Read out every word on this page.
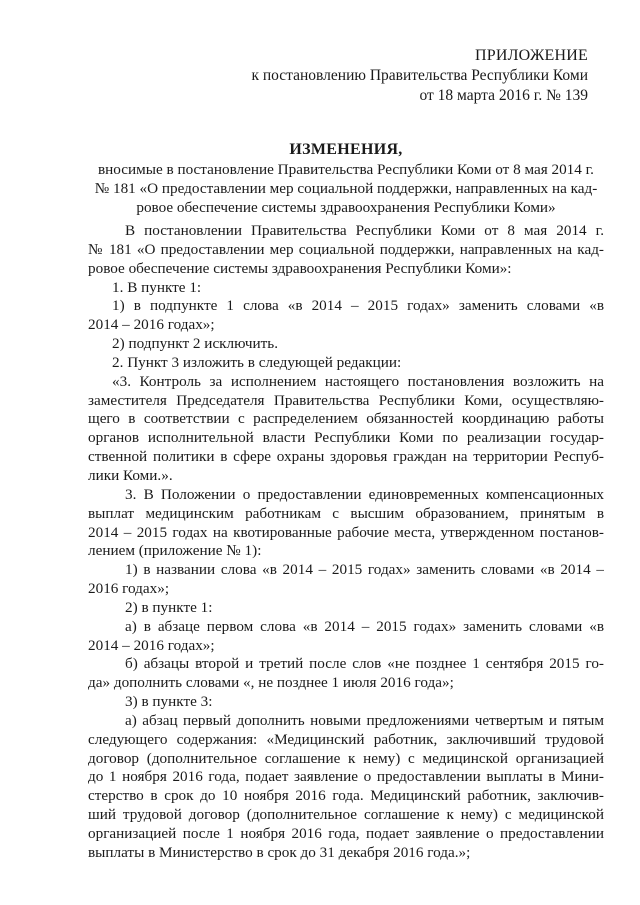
ПРИЛОЖЕНИЕ
к постановлению Правительства Республики Коми
от 18 марта 2016 г. № 139
ИЗМЕНЕНИЯ,
вносимые в постановление Правительства Республики Коми от 8 мая 2014 г.
№ 181 «О предоставлении мер социальной поддержки, направленных на кад-
ровое обеспечение системы здравоохранения Республики Коми»
В постановлении Правительства Республики Коми от 8 мая 2014 г.
№ 181 «О предоставлении мер социальной поддержки, направленных на кад-
ровое обеспечение системы здравоохранения Республики Коми»:
1. В пункте 1:
1) в подпункте 1 слова «в 2014 – 2015 годах» заменить словами «в
2014 – 2016 годах»;
2) подпункт 2 исключить.
2. Пункт 3 изложить в следующей редакции:
«3. Контроль за исполнением настоящего постановления возложить на
заместителя Председателя Правительства Республики Коми, осуществляю-
щего в соответствии с распределением обязанностей координацию работы
органов исполнительной власти Республики Коми по реализации государ-
ственной политики в сфере охраны здоровья граждан на территории Респуб-
лики Коми.».
3. В Положении о предоставлении единовременных компенсационных
выплат медицинским работникам с высшим образованием, принятым в
2014 – 2015 годах на квотированные рабочие места, утвержденном постанов-
лением (приложение № 1):
1) в названии слова «в 2014 – 2015 годах» заменить словами «в 2014 –
2016 годах»;
2) в пункте 1:
а) в абзаце первом слова «в 2014 – 2015 годах» заменить словами «в
2014 – 2016 годах»;
б) абзацы второй и третий после слов «не позднее 1 сентября 2015 го-
да» дополнить словами «, не позднее 1 июля 2016 года»;
3) в пункте 3:
а) абзац первый дополнить новыми предложениями четвертым и пятым
следующего содержания: «Медицинский работник, заключивший трудовой
договор (дополнительное соглашение к нему) с медицинской организацией
до 1 ноября 2016 года, подает заявление о предоставлении выплаты в Мини-
стерство в срок до 10 ноября 2016 года. Медицинский работник, заключив-
ший трудовой договор (дополнительное соглашение к нему) с медицинской
организацией после 1 ноября 2016 года, подает заявление о предоставлении
выплаты в Министерство в срок до 31 декабря 2016 года.»;
